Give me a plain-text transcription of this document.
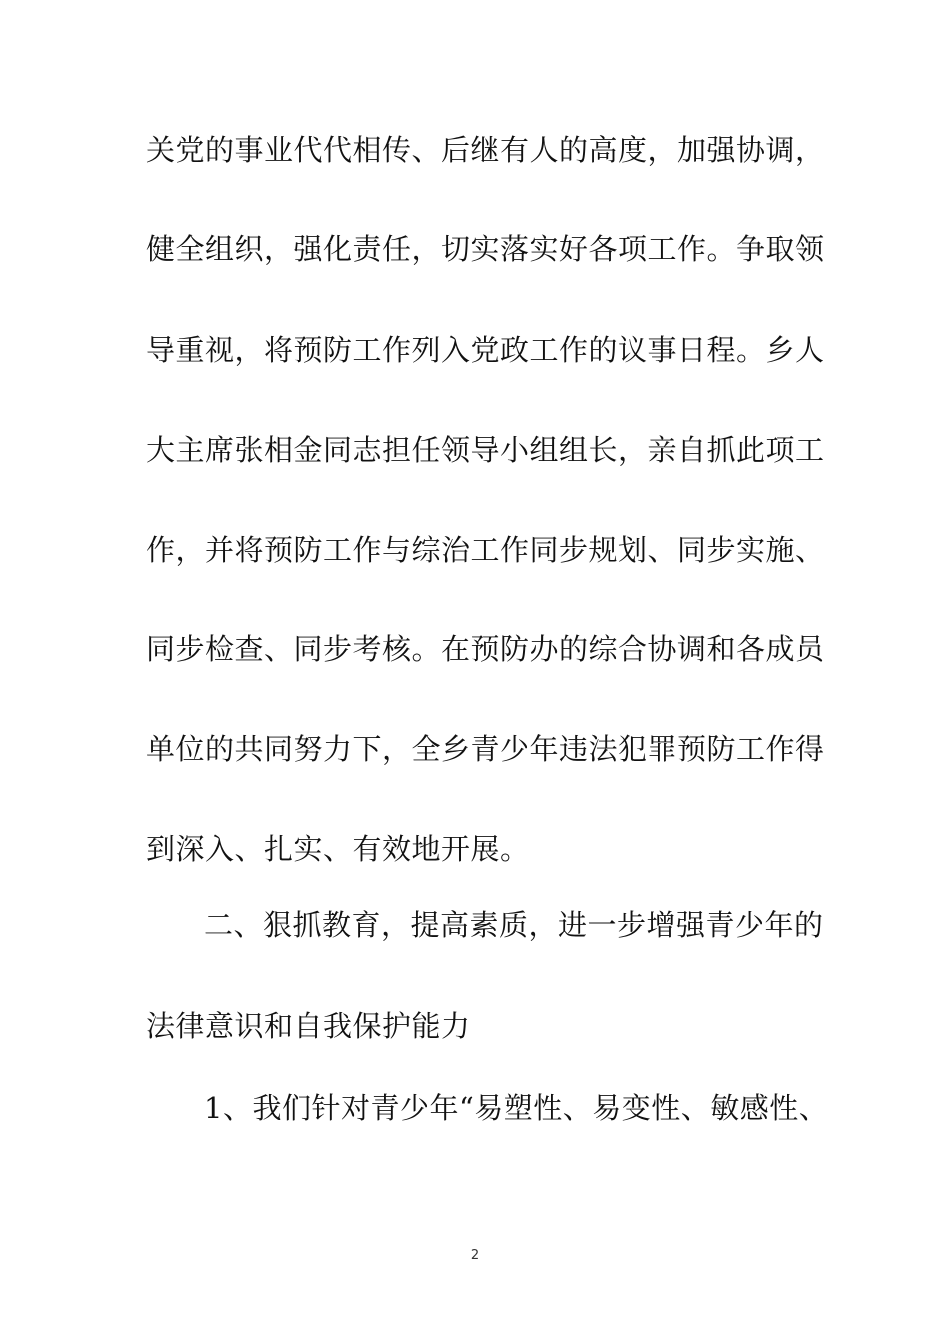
关党的事业代代相传、后继有人的高度，加强协调，
健全组织，强化责任，切实落实好各项工作。争取领
导重视，将预防工作列入党政工作的议事日程。乡人
大主席张相金同志担任领导小组组长，亲自抓此项工
作，并将预防工作与综治工作同步规划、同步实施、
同步检查、同步考核。在预防办的综合协调和各成员
单位的共同努力下，全乡青少年违法犯罪预防工作得
到深入、扎实、有效地开展。
二、狠抓教育，提高素质，进一步增强青少年的
法律意识和自我保护能力
1、我们针对青少年“易塑性、易变性、敏感性、
2
